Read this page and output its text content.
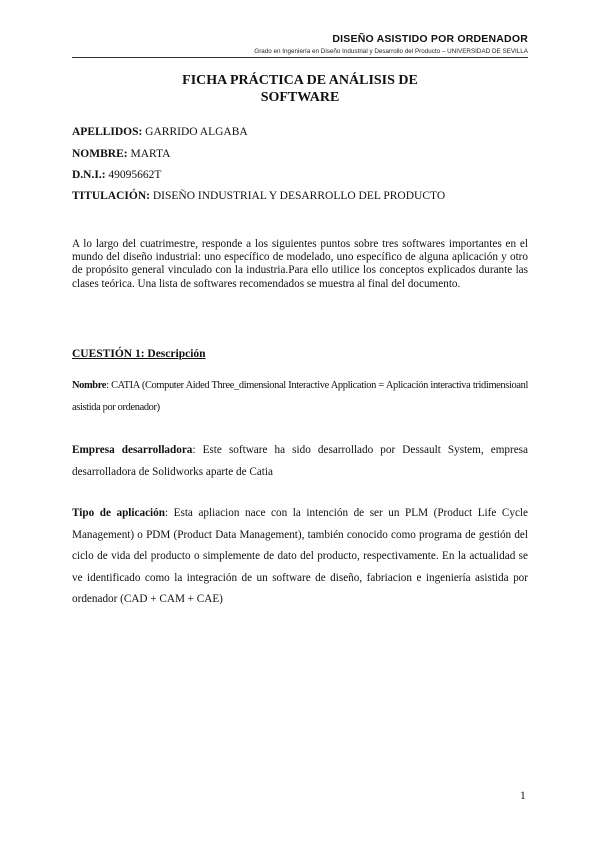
DISEÑO ASISTIDO POR ORDENADOR
Grado en Ingeniería en Diseño Industrial y Desarrollo del Producto – UNIVERSIDAD DE SEVILLA
FICHA PRÁCTICA DE ANÁLISIS DE
SOFTWARE
APELLIDOS: GARRIDO ALGABA
NOMBRE: MARTA
D.N.I.: 49095662T
TITULACIÓN: DISEÑO INDUSTRIAL Y DESARROLLO DEL PRODUCTO
A lo largo del cuatrimestre, responde a los siguientes puntos sobre tres softwares importantes en el mundo del diseño industrial: uno específico de modelado, uno específico de alguna aplicación y otro de propósito general vinculado con la industria.Para ello utilice los conceptos explicados durante las clases teórica. Una lista de softwares recomendados se muestra al final del documento.
CUESTIÓN 1: Descripción
Nombre: CATIA (Computer Aided Three_dimensional Interactive Application = Aplicación interactiva tridimensioanl asistida por ordenador)
Empresa desarrolladora: Este software ha sido desarrollado por Dessault System, empresa desarrolladora de Solidworks aparte de Catia
Tipo de aplicación: Esta apliacion nace con la intención de ser un PLM (Product Life Cycle Management) o PDM (Product Data Management), también conocido como programa de gestión del ciclo de vida del producto o simplemente de dato del producto, respectivamente. En la actualidad se ve identificado como la integración de un software de diseño, fabriacion e ingeniería asistida por ordenador (CAD + CAM + CAE)
1
